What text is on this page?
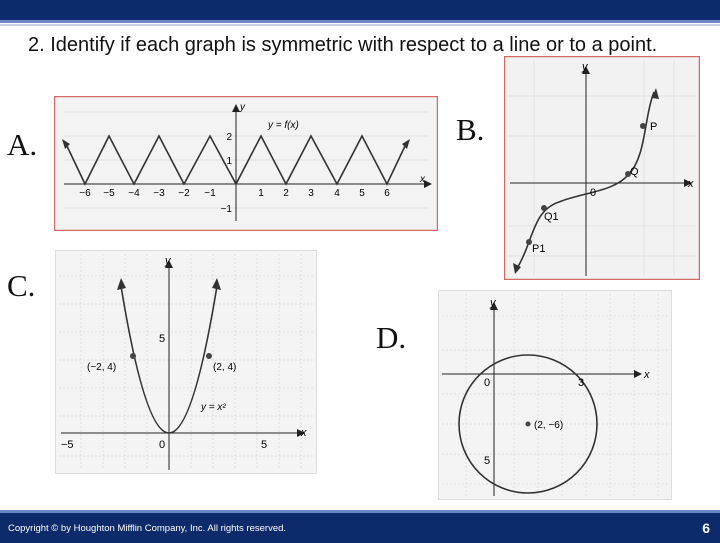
2. Identify if each graph is symmetric with respect to a line or to a point.
A.	B.
C.
D.
x
y
y = f(x)
−6 −5 −4 −3 −2 −1	1 2 3 4 5 6
2
1
−1
x
y
0
P
Q
Q1
P1
y
x
(−2, 4)	(2, 4)
y = x²
5
−5	0	5
y
x
0	3
5
(2, −6)
Copyright © by Houghton Mifflin Company, Inc. All rights reserved.	6
